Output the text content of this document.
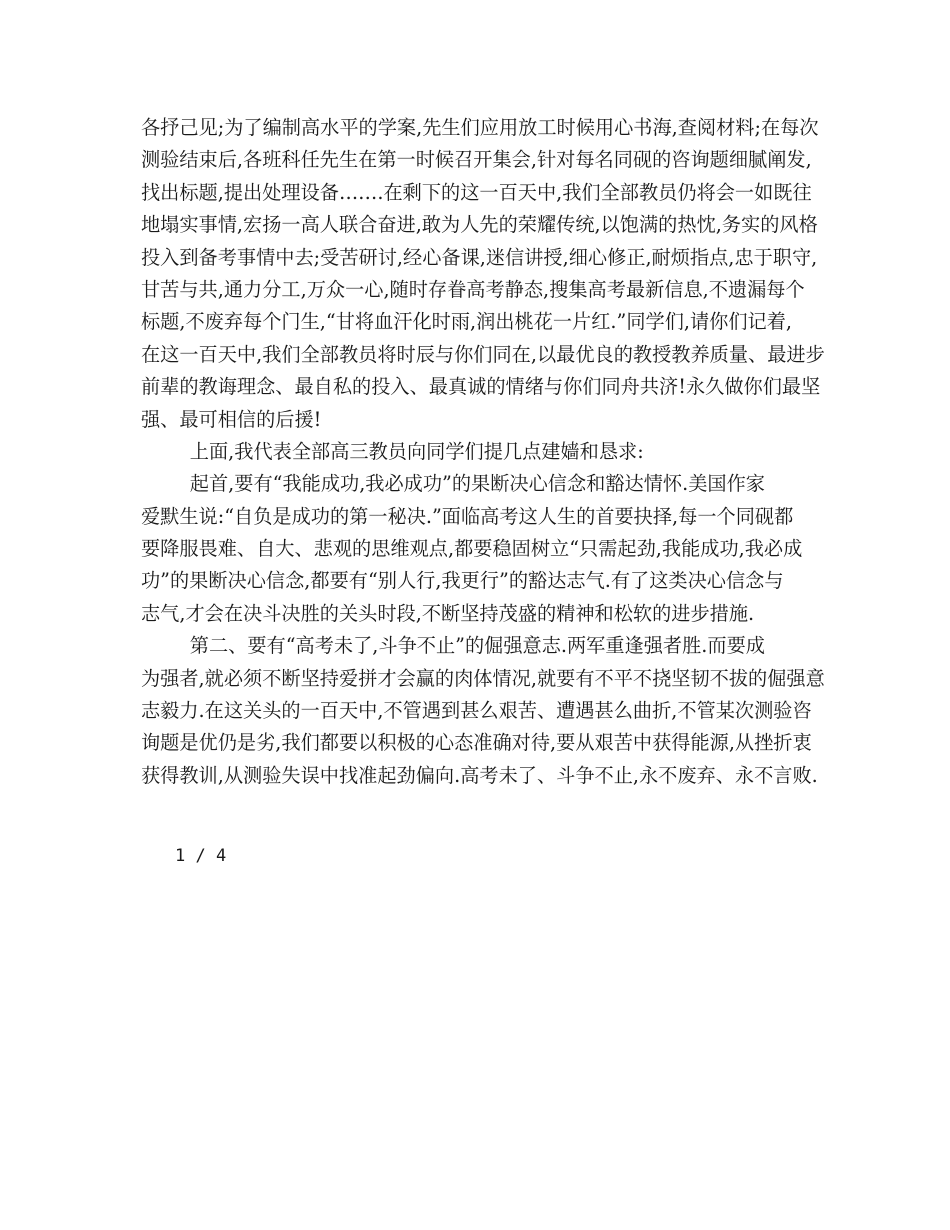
各抒己见;为了编制高水平的学案,先生们应用放工时候用心书海,查阅材料;在每次
测验结束后,各班科任先生在第一时候召开集会,针对每名同砚的咨询题细腻阐发,
找出标题,提出处理设备…….在剩下的这一百天中,我们全部教员仍将会一如既往
地塌实事情,宏扬一高人联合奋进,敢为人先的荣耀传统,以饱满的热忱,务实的风格
投入到备考事情中去;受苦研讨,经心备课,迷信讲授,细心修正,耐烦指点,忠于职守,
甘苦与共,通力分工,万众一心,随时存眷高考静态,搜集高考最新信息,不遗漏每个
标题,不废弃每个门生,“甘将血汗化时雨,润出桃花一片红.”同学们,请你们记着,
在这一百天中,我们全部教员将时辰与你们同在,以最优良的教授教养质量、最进步
前辈的教诲理念、最自私的投入、最真诚的情绪与你们同舟共济!永久做你们最坚
强、最可相信的后援!
上面,我代表全部高三教员向同学们提几点建嫱和恳求:
起首,要有“我能成功,我必成功”的果断决心信念和豁达情怀.美国作家
爱默生说:“自负是成功的第一秘决.”面临高考这人生的首要抉择,每一个同砚都
要降服畏难、自大、悲观的思维观点,都要稳固树立“只需起劲,我能成功,我必成
功”的果断决心信念,都要有“别人行,我更行”的豁达志气.有了这类决心信念与
志气,才会在决斗决胜的关头时段,不断坚持茂盛的精神和松软的进步措施.
第二、要有“高考未了,斗争不止”的倔强意志.两军重逢强者胜.而要成
为强者,就必须不断坚持爱拼才会赢的肉体情况,就要有不平不挠坚韧不拔的倔强意
志毅力.在这关头的一百天中,不管遇到甚么艰苦、遭遇甚么曲折,不管某次测验咨
询题是优仍是劣,我们都要以积极的心态准确对待,要从艰苦中获得能源,从挫折衷
获得教训,从测验失误中找准起劲偏向.高考未了、斗争不止,永不废弃、永不言败.
1 / 4
